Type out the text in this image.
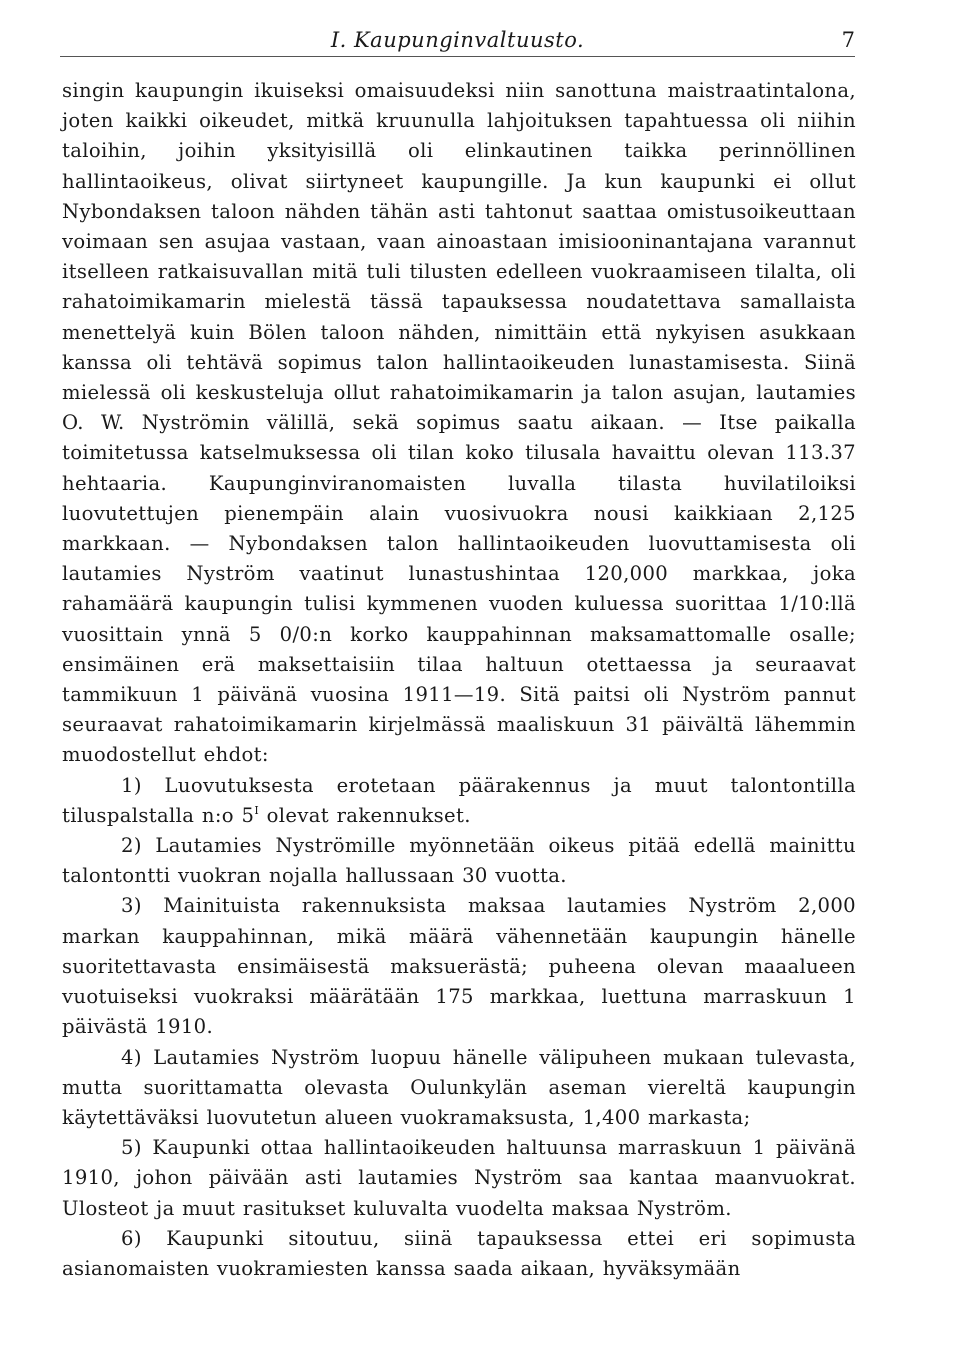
I. Kaupunginvaltuusto.	7

singin kaupungin ikuiseksi omaisuudeksi niin sanottuna maistraatintalona, joten kaikki oikeudet, mitkä kruunulla lahjoituksen tapahtuessa oli niihin taloihin, joihin yksityisillä oli elinkautinen taikka perinnöllinen hallintaoikeus, olivat siirtyneet kaupungille. Ja kun kaupunki ei ollut Nybondaksen taloon nähden tähän asti tahtonut saattaa omistusoikeuttaan voimaan sen asujaa vastaan, vaan ainoastaan imisiooninantajana varannut itselleen ratkaisuvallan mitä tuli tilusten edelleen vuokraamiseen tilalta, oli rahatoimikamarin mielestä tässä tapauksessa noudatettava samallaista menettelyä kuin Bölen taloon nähden, nimittäin että nykyisen asukkaan kanssa oli tehtävä sopimus talon hallintaoikeuden lunastamisesta. Siinä mielessä oli keskusteluja ollut rahatoimikamarin ja talon asujan, lautamies O. W. Nyströmin välillä, sekä sopimus saatu aikaan. — Itse paikalla toimitetussa katselmuksessa oli tilan koko tilusala havaittu olevan 113.37 hehtaaria. Kaupunginviranomaisten luvalla tilasta huvilatiloiksi luovutettujen pienempäin alain vuosivuokra nousi kaikkiaan 2,125 markkaan. — Nybondaksen talon hallintaoikeuden luovuttamisesta oli lautamies Nyström vaatinut lunastushintaa 120,000 markkaa, joka rahamäärä kaupungin tulisi kymmenen vuoden kuluessa suorittaa 1/10:llä vuosittain ynnä 5 0/0:n korko kauppahinnan maksamattomalle osalle; ensimäinen erä maksettaisiin tilaa haltuun otettaessa ja seuraavat tammikuun 1 päivänä vuosina 1911—19. Sitä paitsi oli Nyström pannut seuraavat rahatoimikamarin kirjelmässä maaliskuun 31 päivältä lähemmin muodostellut ehdot:

1) Luovutuksesta erotetaan päärakennus ja muut talontontilla tiluspalstalla n:o $5^I$ olevat rakennukset.

2) Lautamies Nyströmille myönnetään oikeus pitää edellä mainittu talontontti vuokran nojalla hallussaan 30 vuotta.

3) Mainituista rakennuksista maksaa lautamies Nyström 2,000 markan kauppahinnan, mikä määrä vähennetään kaupungin hänelle suoritettavasta ensimäisestä maksuerästä; puheena olevan maaalueen vuotuiseksi vuokraksi määrätään 175 markkaa, luettuna marraskuun 1 päivästä 1910.

4) Lautamies Nyström luopuu hänelle välipuheen mukaan tulevasta, mutta suorittamatta olevasta Oulunkylän aseman viereltä kaupungin käytettäväksi luovutetun alueen vuokramaksusta, 1,400 markasta;

5) Kaupunki ottaa hallintaoikeuden haltuunsa marraskuun 1 päivänä 1910, johon päivään asti lautamies Nyström saa kantaa maanvuokrat. Ulosteot ja muut rasitukset kuluvalta vuodelta maksaa Nyström.

6) Kaupunki sitoutuu, siinä tapauksessa ettei eri sopimusta asianomaisten vuokramiesten kanssa saada aikaan, hyväksymään
